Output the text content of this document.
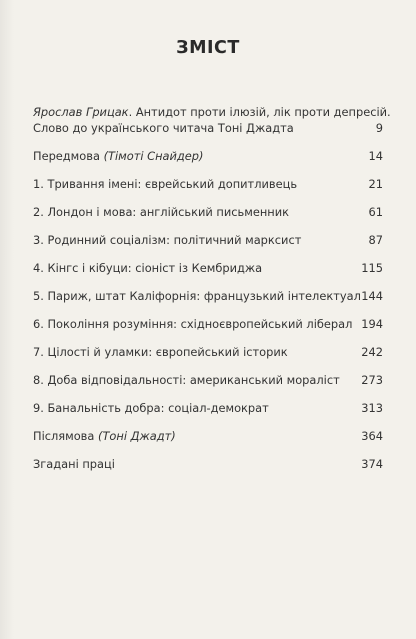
ЗМІСТ
Ярослав Грицак. Антидот проти ілюзій, лік проти депресій.
Слово до українського читача Тоні Джадта	9
Передмова (Тімоті Снайдер)	14
1. Тривання імені: єврейський допитливець	21
2. Лондон і мова: англійський письменник	61
3. Родинний соціалізм: політичний марксист	87
4. Кінгс і кібуци: сіоніст із Кембриджа	115
5. Париж, штат Каліфорнія: французький інтелектуал 144
6. Покоління розуміння: східноєвропейський ліберал 194
7. Цілості й уламки: європейський історик	242
8. Доба відповідальності: американський мораліст 273
9. Банальність добра: соціал-демократ	313
Післямова (Тоні Джадт)	364
Згадані праці	374
